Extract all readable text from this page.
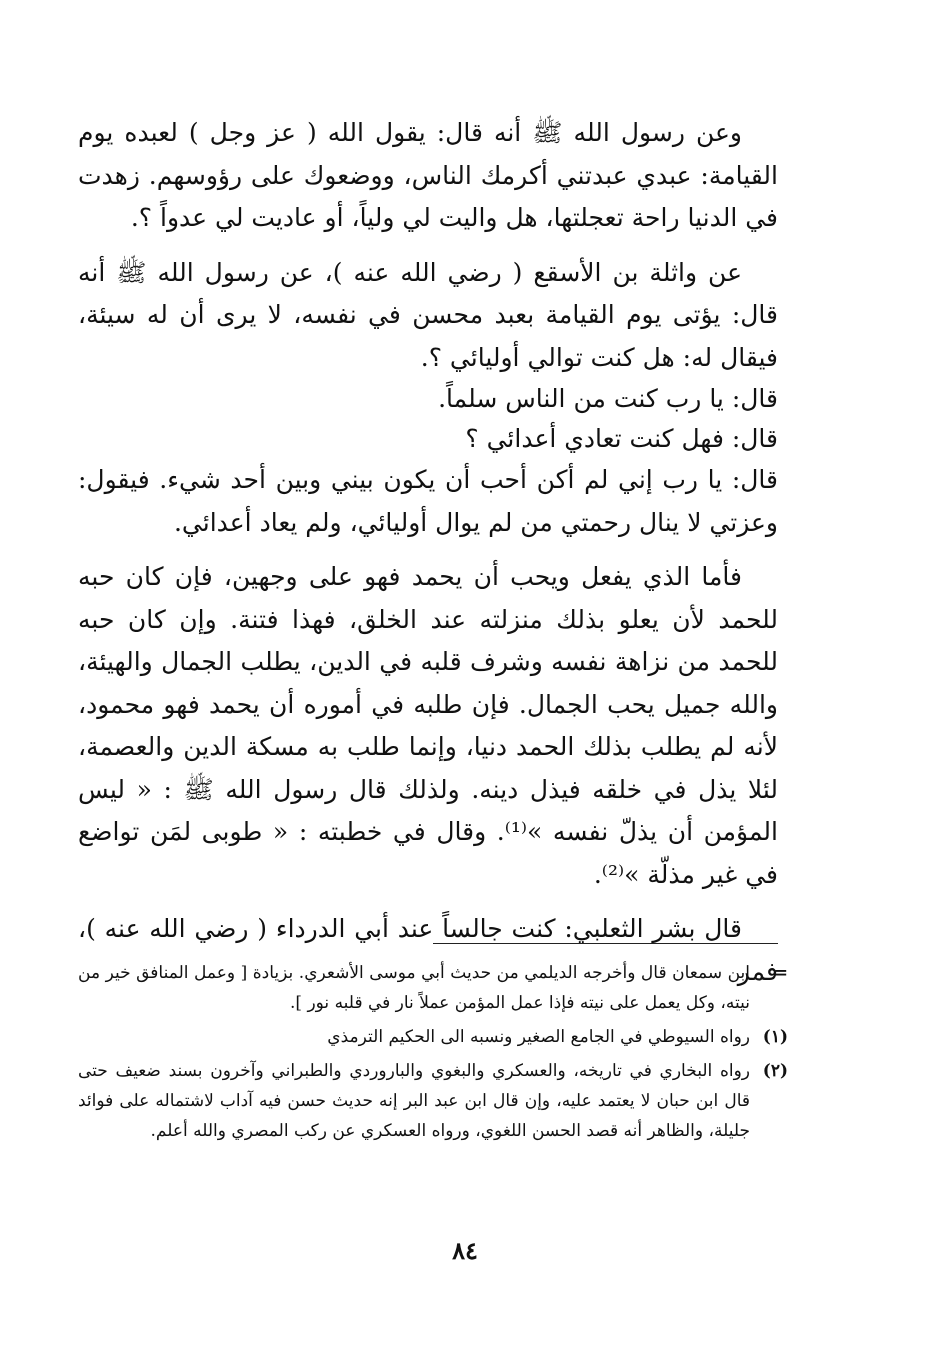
وعن رسول الله ﷺ أنه قال: يقول الله ( عز وجل ) لعبده يوم القيامة: عبدي عبدتني أكرمك الناس، ووضعوك على رؤوسهم. زهدت في الدنيا راحة تعجلتها، هل واليت لي ولياً، أو عاديت لي عدواً ؟.

عن واثلة بن الأسقع ( رضي الله عنه )، عن رسول الله ﷺ أنه قال: يؤتى يوم القيامة بعبد محسن في نفسه، لا يرى أن له سيئة، فيقال له: هل كنت توالي أوليائي ؟.

قال: يا رب كنت من الناس سلماً.
قال: فهل كنت تعادي أعدائي ؟
قال: يا رب إني لم أكن أحب أن يكون بيني وبين أحد شيء. فيقول: وعزتي لا ينال رحمتي من لم يوال أوليائي، ولم يعاد أعدائي.

فأما الذي يفعل ويحب أن يحمد فهو على وجهين، فإن كان حبه للحمد لأن يعلو بذلك منزلته عند الخلق، فهذا فتنة. وإن كان حبه للحمد من نزاهة نفسه وشرف قلبه في الدين، يطلب الجمال والهيئة، والله جميل يحب الجمال. فإن طلبه في أموره أن يحمد فهو محمود، لأنه لم يطلب بذلك الحمد دنيا، وإنما طلب به مسكة الدين والعصمة، لئلا يذل في خلقه فيذل دينه. ولذلك قال رسول الله ﷺ : « ليس المؤمن أن يذلّ نفسه »⁽¹⁾. وقال في خطبته : « طوبى لمَن تواضع في غير مذلّة »⁽²⁾.

قال بشر الثعلبي: كنت جالساً عند أبي الدرداء ( رضي الله عنه )، فمر

=
ابن سمعان قال وأخرجه الديلمي من حديث أبي موسى الأشعري. بزيادة [ وعمل المنافق خير من نيته، وكل يعمل على نيته فإذا عمل المؤمن عملاً نار في قلبه نور ].
(١)
رواه السيوطي في الجامع الصغير ونسبه الى الحكيم الترمذي
(٢)
رواه البخاري في تاريخه، والعسكري والبغوي والباروردي والطبراني وآخرون بسند ضعيف حتى قال ابن حبان لا يعتمد عليه، وإن قال ابن عبد البر إنه حديث حسن فيه آداب لاشتماله على فوائد جليلة، والظاهر أنه قصد الحسن اللغوي، ورواه العسكري عن ركب المصري والله أعلم.
٨٤
